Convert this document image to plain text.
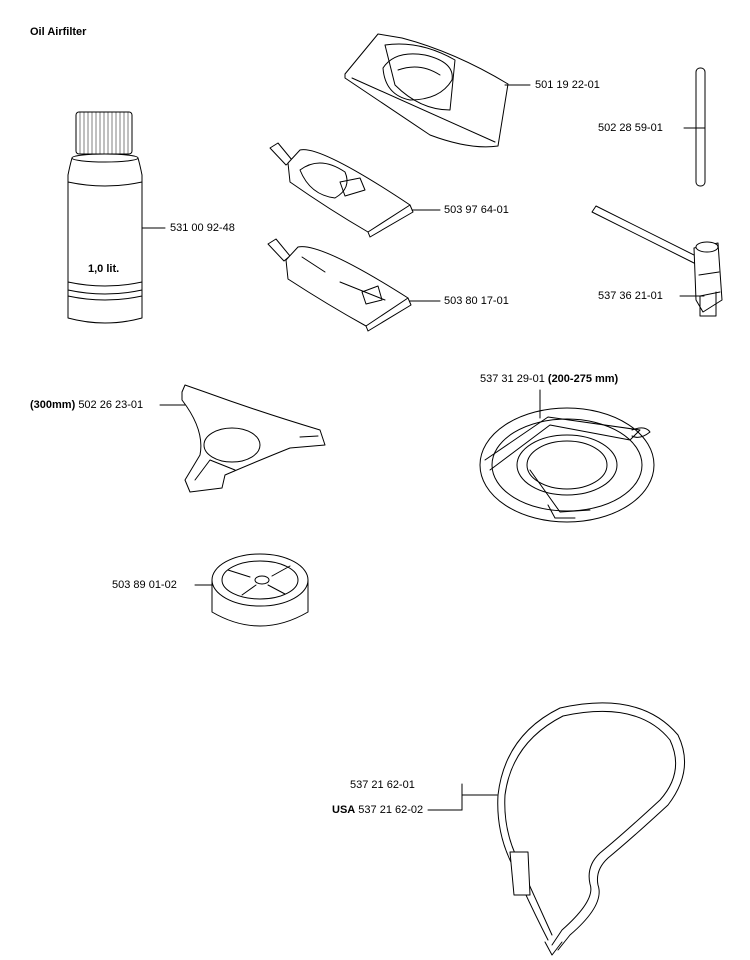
Oil Airfilter
501 19 22-01
502 28 59-01
503 97 64-01
531 00 92-48
1,0 lit.
503 80 17-01	537 36 21-01
(300mm) 502 26 23-01
537 31 29-01 (200-275 mm)
503 89 01-02
537 21 62-01
USA 537 21 62-02
